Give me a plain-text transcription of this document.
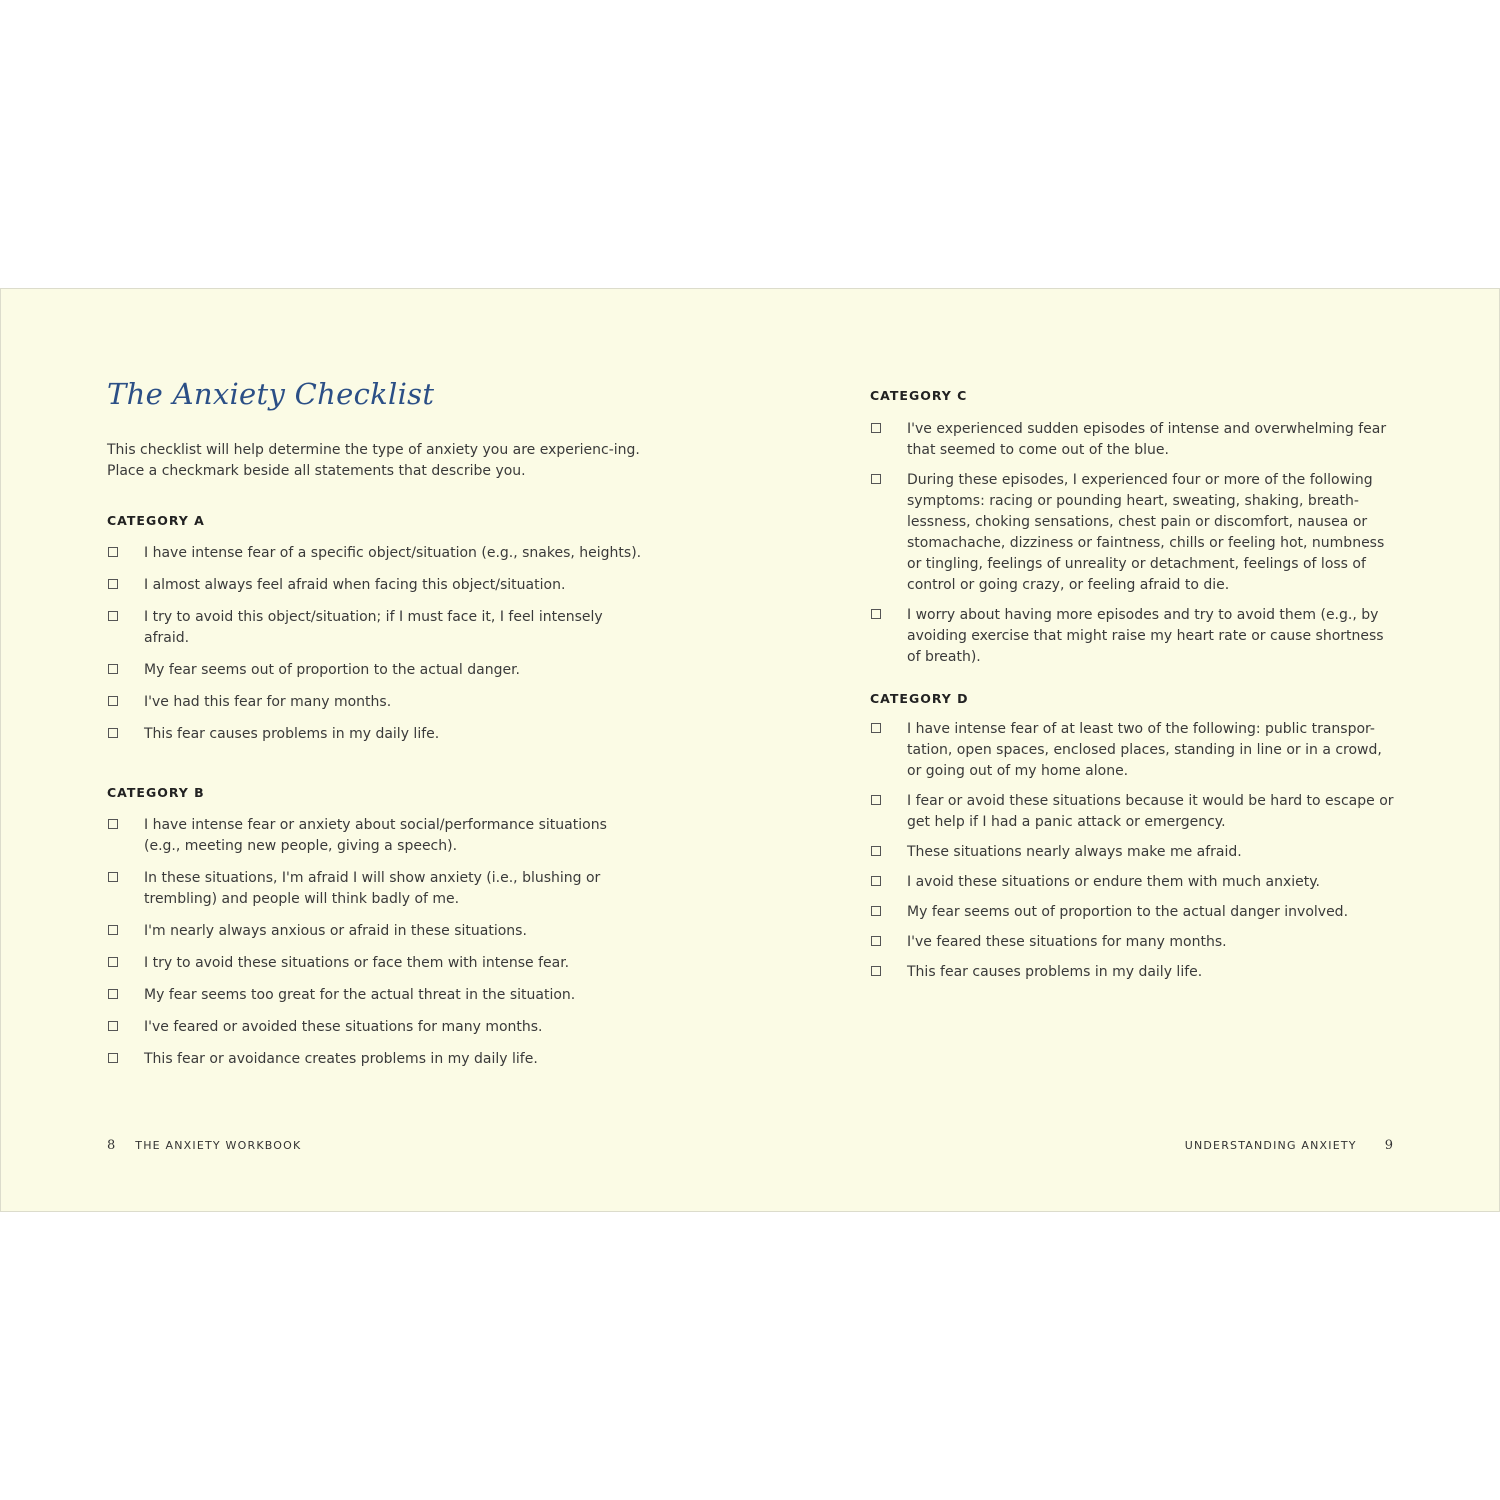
The Anxiety Checklist

This checklist will help determine the type of anxiety you are experienc-ing. Place a checkmark beside all statements that describe you.

CATEGORY A
I have intense fear of a specific object/situation (e.g., snakes, heights).
I almost always feel afraid when facing this object/situation.
I try to avoid this object/situation; if I must face it, I feel intensely afraid.
My fear seems out of proportion to the actual danger.
I've had this fear for many months.
This fear causes problems in my daily life.
CATEGORY B
I have intense fear or anxiety about social/performance situations (e.g., meeting new people, giving a speech).
In these situations, I'm afraid I will show anxiety (i.e., blushing or trembling) and people will think badly of me.
I'm nearly always anxious or afraid in these situations.
I try to avoid these situations or face them with intense fear.
My fear seems too great for the actual threat in the situation.
I've feared or avoided these situations for many months.
This fear or avoidance creates problems in my daily life.
CATEGORY C
I've experienced sudden episodes of intense and overwhelming fear that seemed to come out of the blue.
During these episodes, I experienced four or more of the following symptoms: racing or pounding heart, sweating, shaking, breath-lessness, choking sensations, chest pain or discomfort, nausea or stomachache, dizziness or faintness, chills or feeling hot, numbness or tingling, feelings of unreality or detachment, feelings of loss of control or going crazy, or feeling afraid to die.
I worry about having more episodes and try to avoid them (e.g., by avoiding exercise that might raise my heart rate or cause shortness of breath).
CATEGORY D
I have intense fear of at least two of the following: public transpor-tation, open spaces, enclosed places, standing in line or in a crowd, or going out of my home alone.
I fear or avoid these situations because it would be hard to escape or get help if I had a panic attack or emergency.
These situations nearly always make me afraid.
I avoid these situations or endure them with much anxiety.
My fear seems out of proportion to the actual danger involved.
I've feared these situations for many months.
This fear causes problems in my daily life.
8 THE ANXIETY WORKBOOK	UNDERSTANDING ANXIETY 9
